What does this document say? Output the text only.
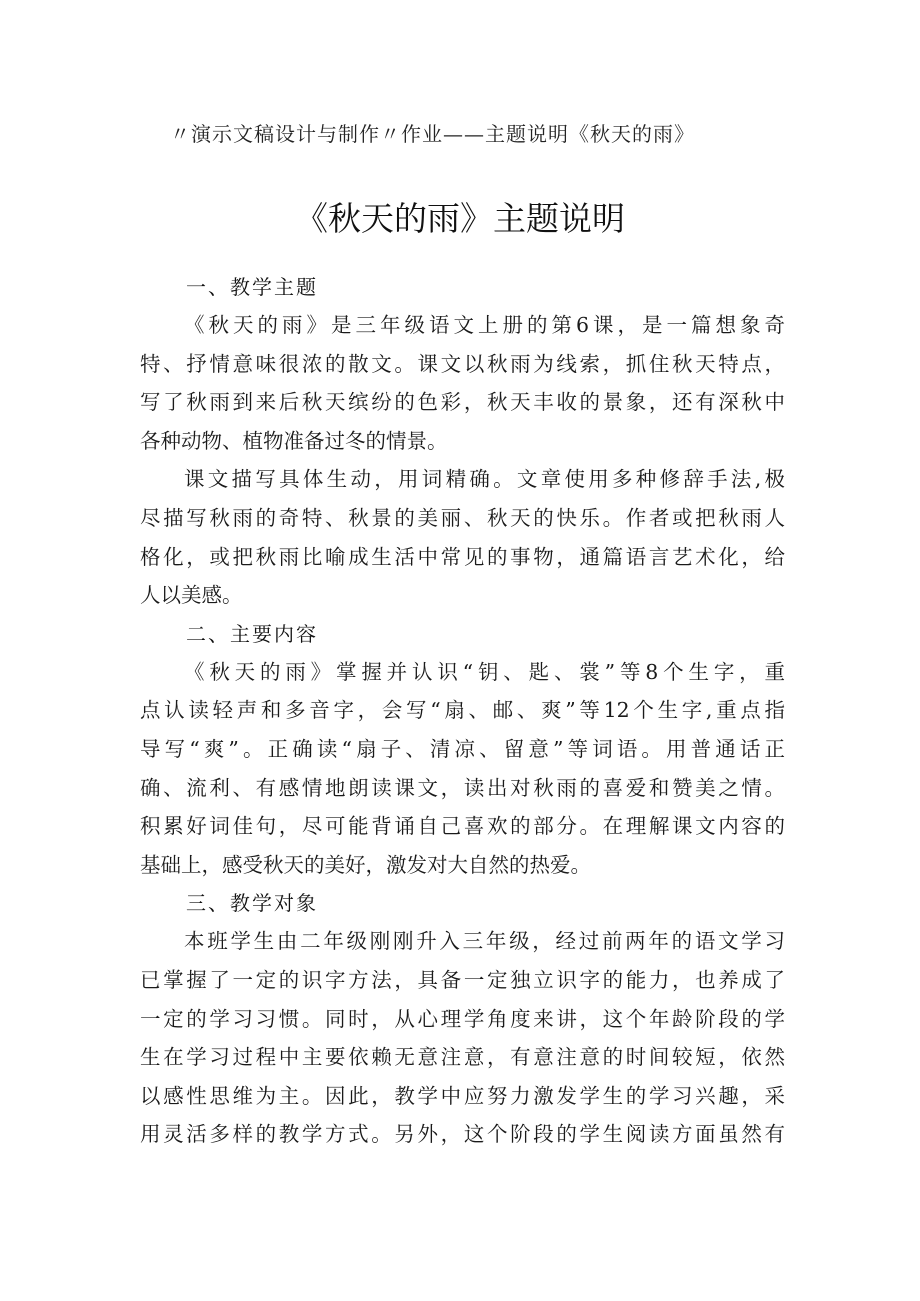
〃演示文稿设计与制作〃作业——主题说明《秋天的雨》
《秋天的雨》主题说明
一、教学主题
《秋天的雨》是三年级语文上册的第6课，是一篇想象奇
特、抒情意味很浓的散文。课文以秋雨为线索，抓住秋天特点，
写了秋雨到来后秋天缤纷的色彩，秋天丰收的景象，还有深秋中
各种动物、植物准备过冬的情景。
课文描写具体生动，用词精确。文章使用多种修辞手法,极
尽描写秋雨的奇特、秋景的美丽、秋天的快乐。作者或把秋雨人
格化，或把秋雨比喻成生活中常见的事物，通篇语言艺术化，给
人以美感。
二、主要内容
《秋天的雨》掌握并认识“钥、匙、裳”等8个生字，重
点认读轻声和多音字，会写“扇、邮、爽”等12个生字,重点指
导写“爽”。正确读“扇子、清凉、留意”等词语。用普通话正
确、流利、有感情地朗读课文，读出对秋雨的喜爱和赞美之情。
积累好词佳句，尽可能背诵自己喜欢的部分。在理解课文内容的
基础上，感受秋天的美好，激发对大自然的热爱。
三、教学对象
本班学生由二年级刚刚升入三年级，经过前两年的语文学习
已掌握了一定的识字方法，具备一定独立识字的能力，也养成了
一定的学习习惯。同时，从心理学角度来讲，这个年龄阶段的学
生在学习过程中主要依赖无意注意，有意注意的时间较短，依然
以感性思维为主。因此，教学中应努力激发学生的学习兴趣，采
用灵活多样的教学方式。另外，这个阶段的学生阅读方面虽然有
